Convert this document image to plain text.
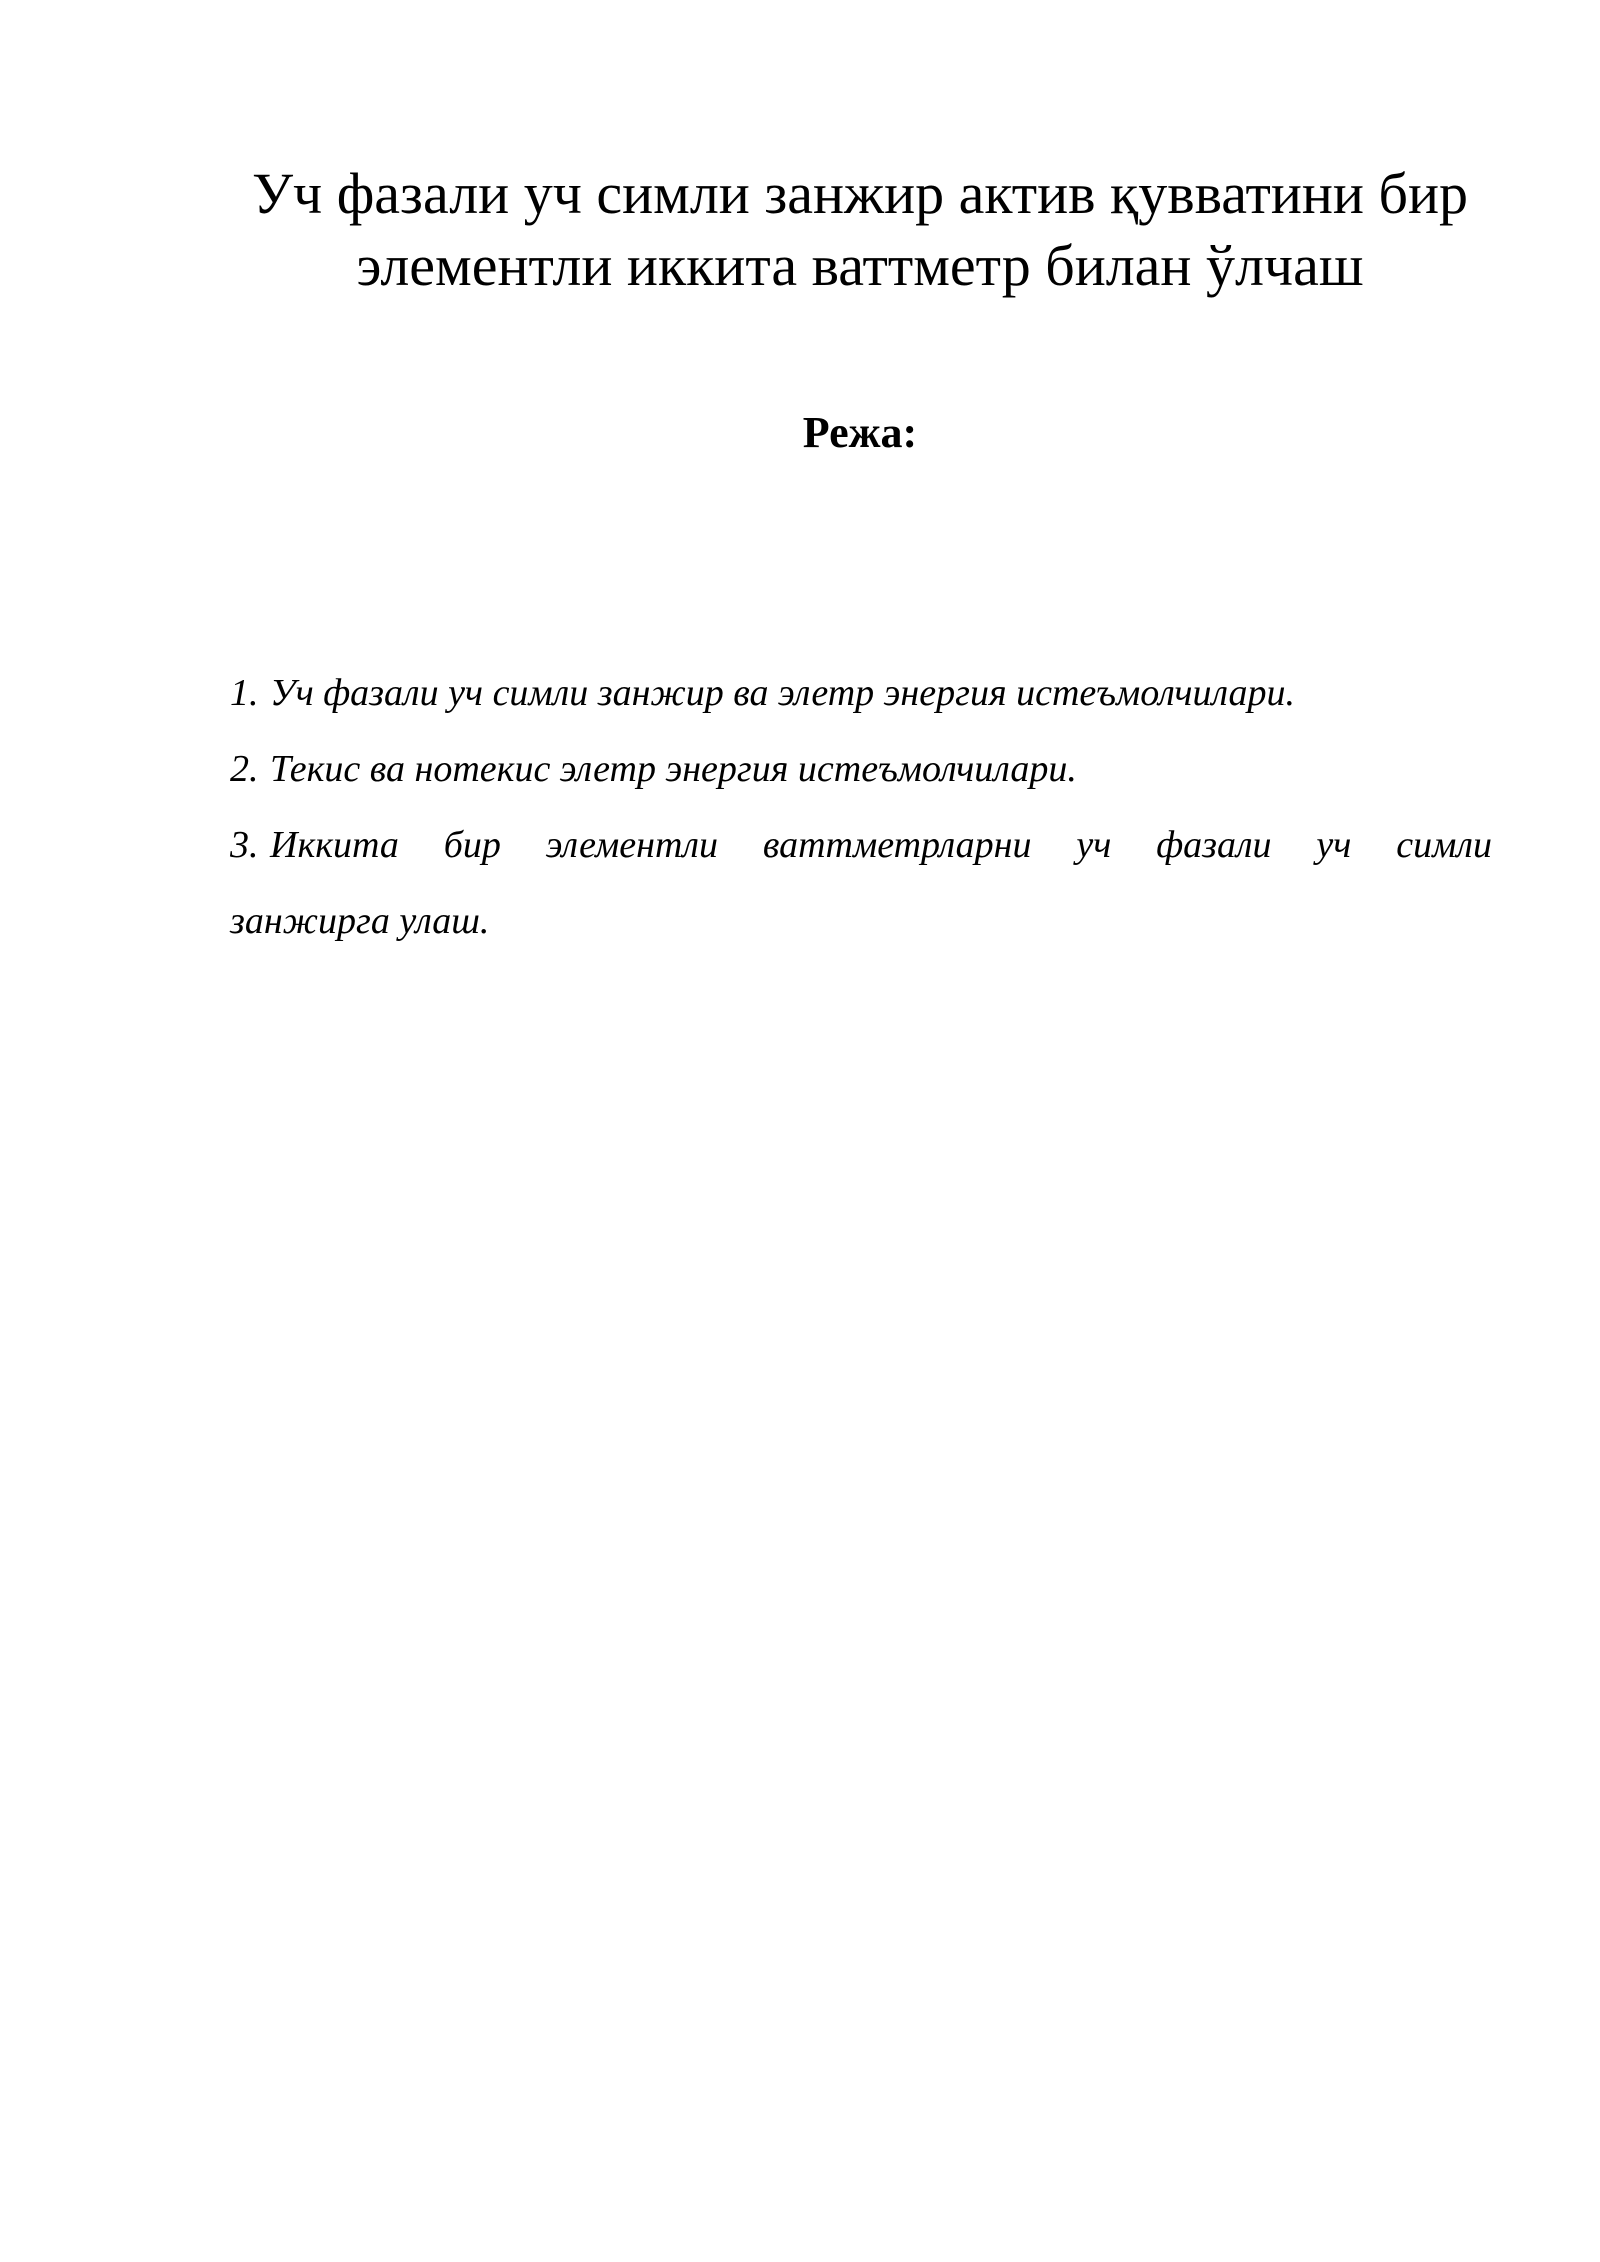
Уч фазали уч симли занжир актив қувватини бир
элементли иккита ваттметр билан ўлчаш
Режа:
1. Уч фазали уч симли занжир ва элетр энергия истеъмолчилари.
2. Текис ва нотекис элетр энергия истеъмолчилари.
3. Иккита бир элементли ваттметрларни уч фазали уч симли
занжирга улаш.
